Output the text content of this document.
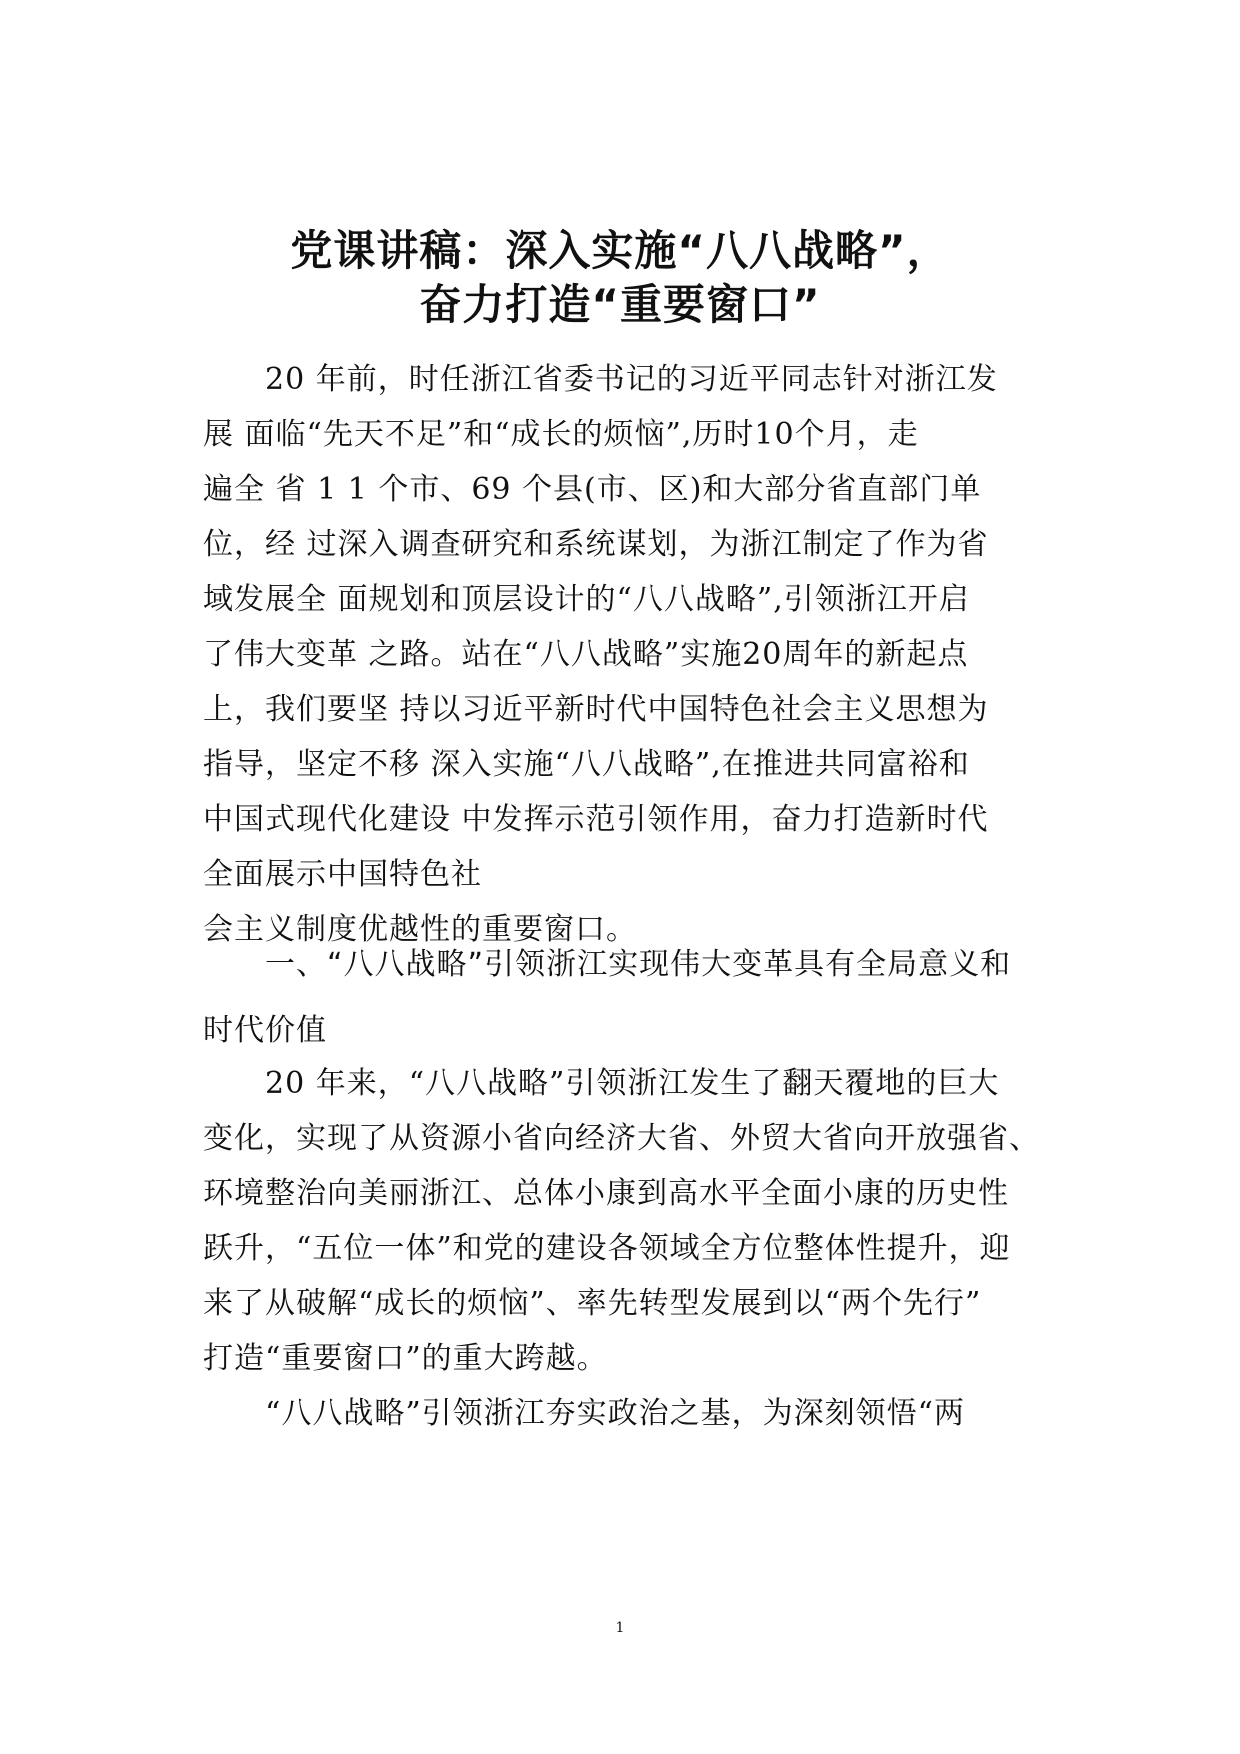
党课讲稿：深入实施“八八战略”，
奋力打造“重要窗口”
20 年前，时任浙江省委书记的习近平同志针对浙江发
展 面临“先天不足”和“成长的烦恼”,历时10个月，走
遍全 省 1 1 个市、69 个县(市、区)和大部分省直部门单
位，经 过深入调查研究和系统谋划，为浙江制定了作为省
域发展全 面规划和顶层设计的“八八战略”,引领浙江开启
了伟大变革 之路。站在“八八战略”实施20周年的新起点
上，我们要坚 持以习近平新时代中国特色社会主义思想为
指导，坚定不移 深入实施“八八战略”,在推进共同富裕和
中国式现代化建设 中发挥示范引领作用，奋力打造新时代
全面展示中国特色社
会主义制度优越性的重要窗口。
一、“八八战略”引领浙江实现伟大变革具有全局意义和
时代价值
20 年来，“八八战略”引领浙江发生了翻天覆地的巨大
变化，实现了从资源小省向经济大省、外贸大省向开放强省、
环境整治向美丽浙江、总体小康到高水平全面小康的历史性
跃升，“五位一体”和党的建设各领域全方位整体性提升，迎
来了从破解“成长的烦恼”、率先转型发展到以“两个先行”
打造“重要窗口”的重大跨越。
“八八战略”引领浙江夯实政治之基，为深刻领悟“两
1
